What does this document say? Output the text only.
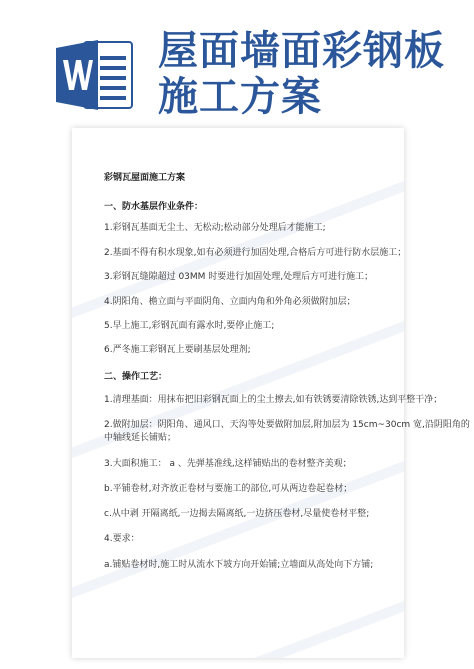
屋面墙面彩钢板施工方案
彩钢瓦屋面施工方案
一、防水基层作业条件：
1.彩钢瓦基面无尘土、无松动;松动部分处理后才能施工;
2.基面不得有积水现象,如有必须进行加固处理,合格后方可进行防水层施工；
3.彩钢瓦缝隙超过 03MM 时要进行加固处理,处理后方可进行施工；
4.阴阳角、檐立面与平面阴角、立面内角和外角必须做附加层；
5.早上施工,彩钢瓦面有露水时,要停止施工;
6.严冬施工彩钢瓦上要刷基层处理剂;
二、操作工艺：
1.清理基面：用抹布把旧彩钢瓦面上的尘土擦去,如有铁锈要清除铁锈,达到平整干净；
2.做附加层：阴阳角、通风口、天沟等处要做附加层,附加层为 15cm~30cm 宽,沿阴阳角的
中轴线延长铺贴；
3.大面积施工： a 、先弹基准线,这样铺贴出的卷材整齐美观；
b.平铺卷材,对齐放正卷材与要施工的部位,可从两边卷起卷材；
c.从中剥 开隔离纸,一边揭去隔离纸,一边挤压卷材,尽量使卷材平整;
4.要求：
a.铺贴卷材时,施工时从流水下坡方向开始铺;立墙面从高处向下方铺;
